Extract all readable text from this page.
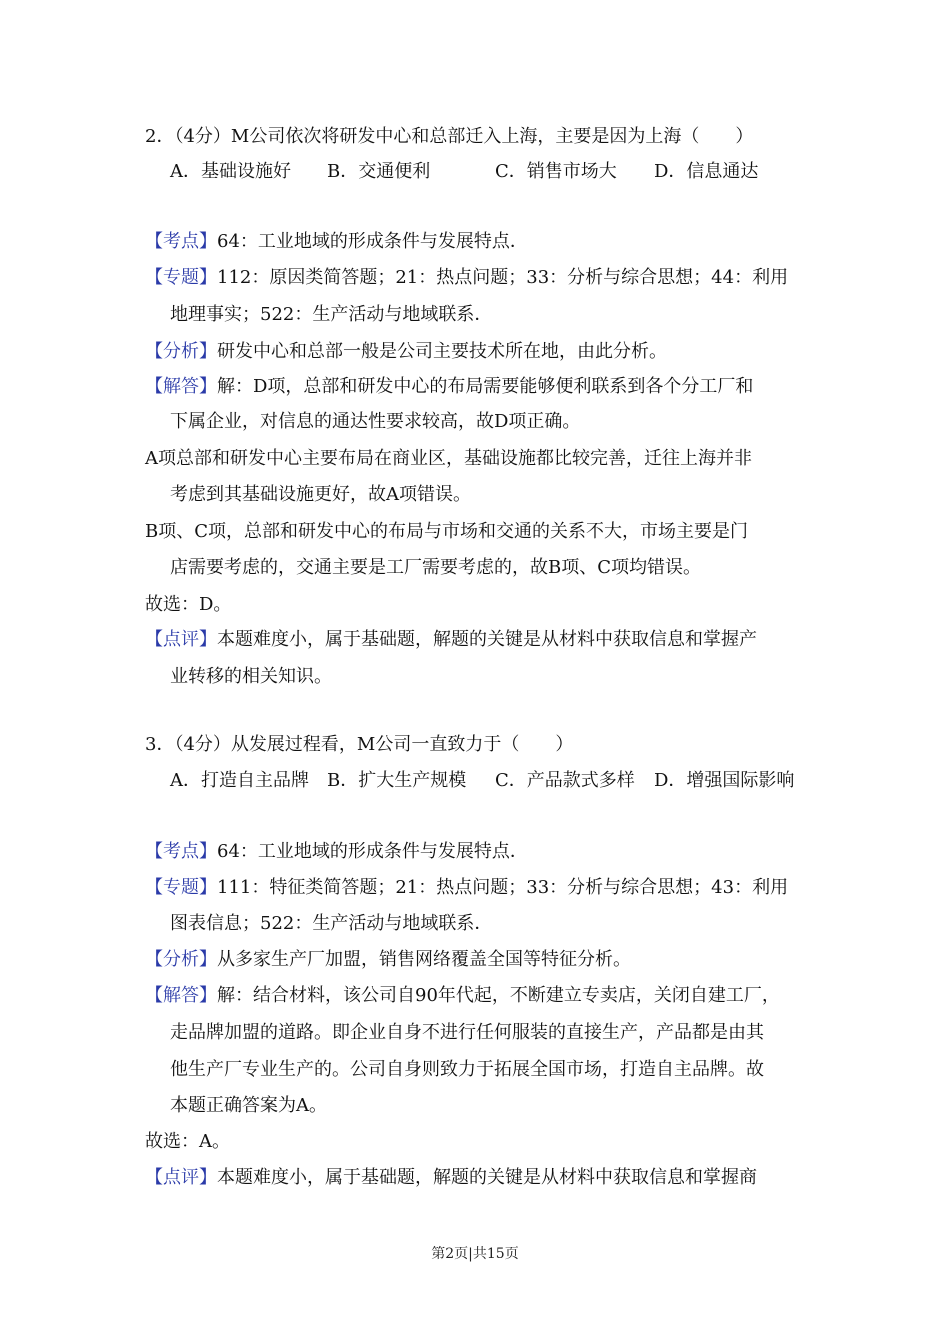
2．（4分）M公司依次将研发中心和总部迁入上海，主要是因为上海（　　）
A．基础设施好 B．交通便利	C．销售市场大 D．信息通达
【考点】64：工业地域的形成条件与发展特点．
【专题】112：原因类简答题；21：热点问题；33：分析与综合思想；44：利用
地理事实；522：生产活动与地域联系．
【分析】研发中心和总部一般是公司主要技术所在地，由此分析。
【解答】解：D项，总部和研发中心的布局需要能够便利联系到各个分工厂和
下属企业，对信息的通达性要求较高，故D项正确。
A项总部和研发中心主要布局在商业区，基础设施都比较完善，迁往上海并非
考虑到其基础设施更好，故A项错误。
B项、C项，总部和研发中心的布局与市场和交通的关系不大，市场主要是门
店需要考虑的，交通主要是工厂需要考虑的，故B项、C项均错误。
故选：D。
【点评】本题难度小，属于基础题，解题的关键是从材料中获取信息和掌握产
业转移的相关知识。
3．（4分）从发展过程看，M公司一直致力于（　　）
A．打造自主品牌 B．扩大生产规模 C．产品款式多样 D．增强国际影响
【考点】64：工业地域的形成条件与发展特点．
【专题】111：特征类简答题；21：热点问题；33：分析与综合思想；43：利用
图表信息；522：生产活动与地域联系．
【分析】从多家生产厂加盟，销售网络覆盖全国等特征分析。
【解答】解：结合材料，该公司自90年代起，不断建立专卖店，关闭自建工厂，
走品牌加盟的道路。即企业自身不进行任何服装的直接生产，产品都是由其
他生产厂专业生产的。公司自身则致力于拓展全国市场，打造自主品牌。故
本题正确答案为A。
故选：A。
【点评】本题难度小，属于基础题，解题的关键是从材料中获取信息和掌握商
第2页|共15页
